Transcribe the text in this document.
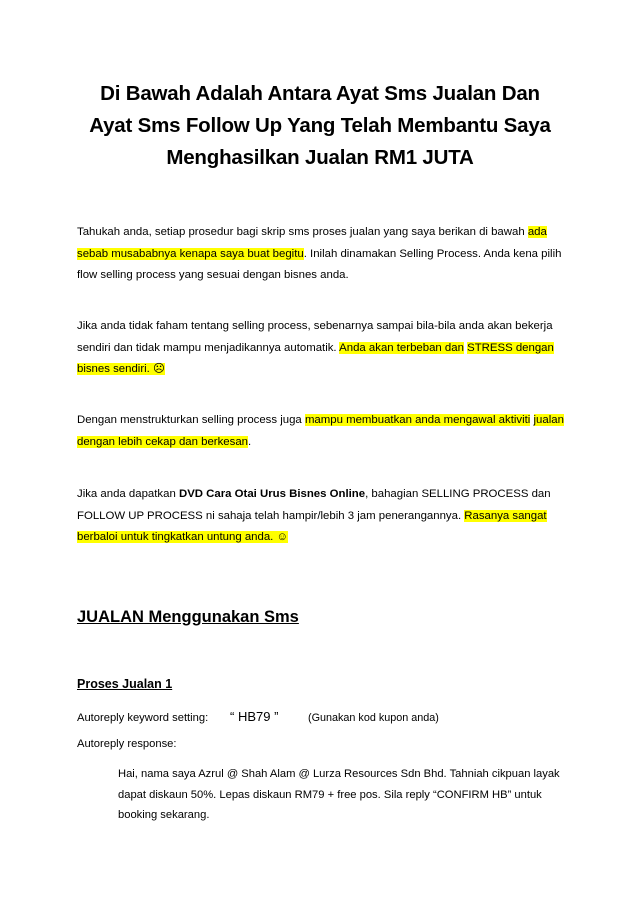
Di Bawah Adalah Antara Ayat Sms Jualan Dan
Ayat Sms Follow Up Yang Telah Membantu Saya
Menghasilkan Jualan RM1 JUTA
Tahukah anda, setiap prosedur bagi skrip sms proses jualan yang saya berikan di bawah ada sebab musababnya kenapa saya buat begitu. Inilah dinamakan Selling Process. Anda kena pilih flow selling process yang sesuai dengan bisnes anda.
Jika anda tidak faham tentang selling process, sebenarnya sampai bila-bila anda akan bekerja sendiri dan tidak mampu menjadikannya automatik. Anda akan terbeban dan STRESS dengan bisnes sendiri. ☹
Dengan menstrukturkan selling process juga mampu membuatkan anda mengawal aktiviti jualan dengan lebih cekap dan berkesan.
Jika anda dapatkan DVD Cara Otai Urus Bisnes Online, bahagian SELLING PROCESS dan FOLLOW UP PROCESS ni sahaja telah hampir/lebih 3 jam penerangannya. Rasanya sangat berbaloi untuk tingkatkan untung anda. ☺
JUALAN Menggunakan Sms
Proses Jualan 1
Autoreply keyword setting: “ HB79 ”	(Gunakan kod kupon anda)
Autoreply response:
Hai, nama saya Azrul @ Shah Alam @ Lurza Resources Sdn Bhd. Tahniah cikpuan layak dapat diskaun 50%. Lepas diskaun RM79 + free pos. Sila reply “CONFIRM HB” untuk booking sekarang.
